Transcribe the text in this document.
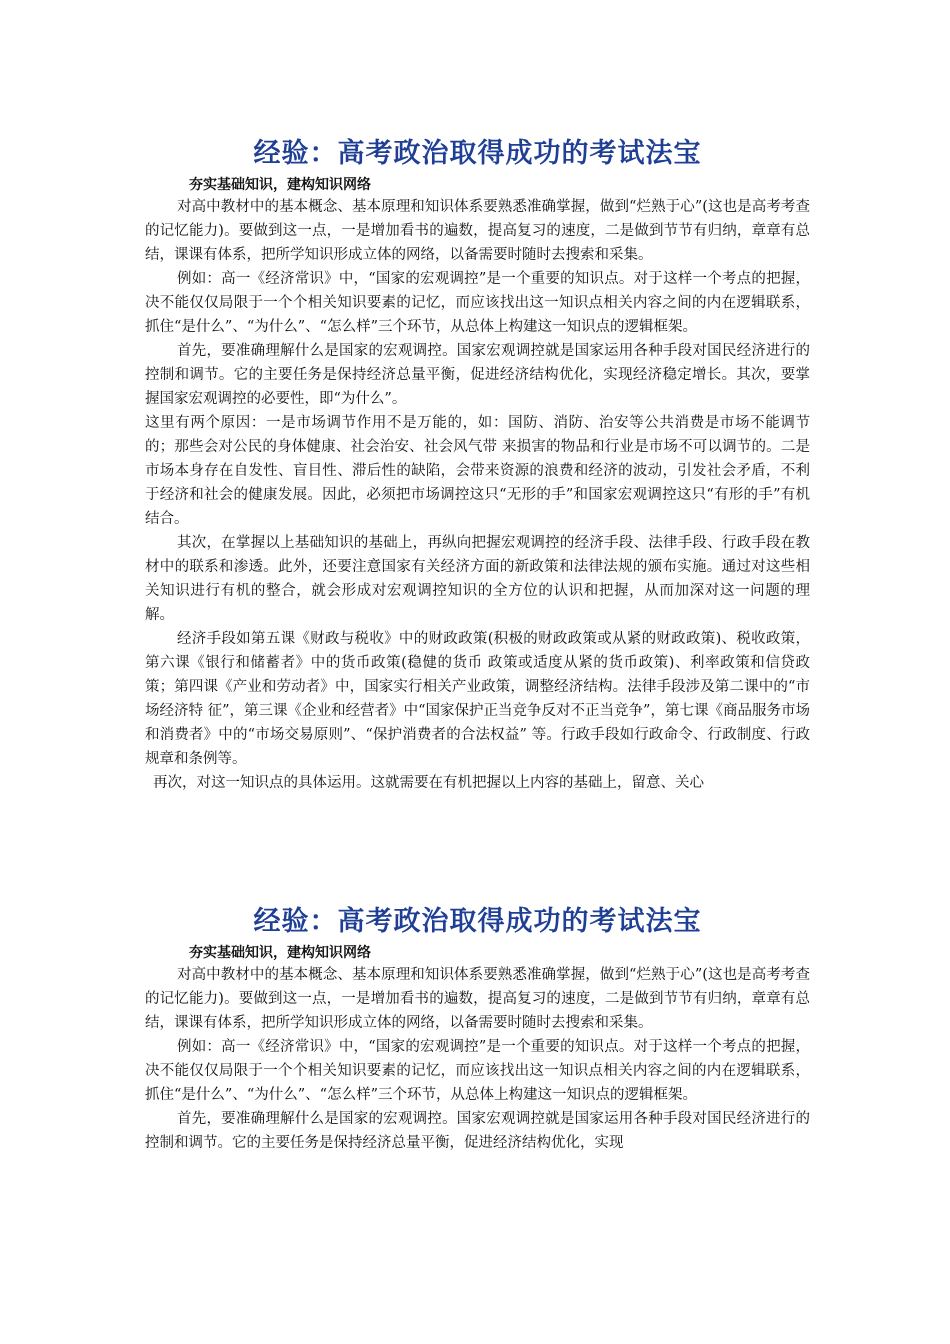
经验：高考政治取得成功的考试法宝
夯实基础知识，建构知识网络

对高中教材中的基本概念、基本原理和知识体系要熟悉准确掌握，做到“烂熟于心”(这也是高考考查的记忆能力)。要做到这一点，一是增加看书的遍数，提高复习的速度，二是做到节节有归纳，章章有总结，课课有体系，把所学知识形成立体的网络，以备需要时随时去搜索和采集。

例如：高一《经济常识》中，“国家的宏观调控”是一个重要的知识点。对于这样一个考点的把握，决不能仅仅局限于一个个相关知识要素的记忆，而应该找出这一知识点相关内容之间的内在逻辑联系，抓住“是什么”、“为什么”、“怎么样”三个环节，从总体上构建这一知识点的逻辑框架。

首先，要准确理解什么是国家的宏观调控。国家宏观调控就是国家运用各种手段对国民经济进行的控制和调节。它的主要任务是保持经济总量平衡，促进经济结构优化，实现经济稳定增长。其次，要掌握国家宏观调控的必要性，即“为什么”。

这里有两个原因：一是市场调节作用不是万能的，如：国防、消防、治安等公共消费是市场不能调节的；那些会对公民的身体健康、社会治安、社会风气带 来损害的物品和行业是市场不可以调节的。二是市场本身存在自发性、盲目性、滞后性的缺陷，会带来资源的浪费和经济的波动，引发社会矛盾，不利于经济和社会的健康发展。因此，必须把市场调控这只“无形的手”和国家宏观调控这只“有形的手”有机结合。

其次，在掌握以上基础知识的基础上，再纵向把握宏观调控的经济手段、法律手段、行政手段在教材中的联系和渗透。此外，还要注意国家有关经济方面的新政策和法律法规的颁布实施。通过对这些相关知识进行有机的整合，就会形成对宏观调控知识的全方位的认识和把握，从而加深对这一问题的理解。

经济手段如第五课《财政与税收》中的财政政策(积极的财政政策或从紧的财政政策)、税收政策，第六课《银行和储蓄者》中的货币政策(稳健的货币 政策或适度从紧的货币政策)、利率政策和信贷政策；第四课《产业和劳动者》中，国家实行相关产业政策，调整经济结构。法律手段涉及第二课中的“市场经济特 征”，第三课《企业和经营者》中“国家保护正当竞争反对不正当竞争”，第七课《商品服务市场和消费者》中的“市场交易原则”、“保护消费者的合法权益” 等。行政手段如行政命令、行政制度、行政规章和条例等。

再次，对这一知识点的具体运用。这就需要在有机把握以上内容的基础上，留意、关心

经验：高考政治取得成功的考试法宝
夯实基础知识，建构知识网络

对高中教材中的基本概念、基本原理和知识体系要熟悉准确掌握，做到“烂熟于心”(这也是高考考查的记忆能力)。要做到这一点，一是增加看书的遍数，提高复习的速度，二是做到节节有归纳，章章有总结，课课有体系，把所学知识形成立体的网络，以备需要时随时去搜索和采集。

例如：高一《经济常识》中，“国家的宏观调控”是一个重要的知识点。对于这样一个考点的把握，决不能仅仅局限于一个个相关知识要素的记忆，而应该找出这一知识点相关内容之间的内在逻辑联系，抓住“是什么”、“为什么”、“怎么样”三个环节，从总体上构建这一知识点的逻辑框架。

首先，要准确理解什么是国家的宏观调控。国家宏观调控就是国家运用各种手段对国民经济进行的控制和调节。它的主要任务是保持经济总量平衡，促进经济结构优化，实现
